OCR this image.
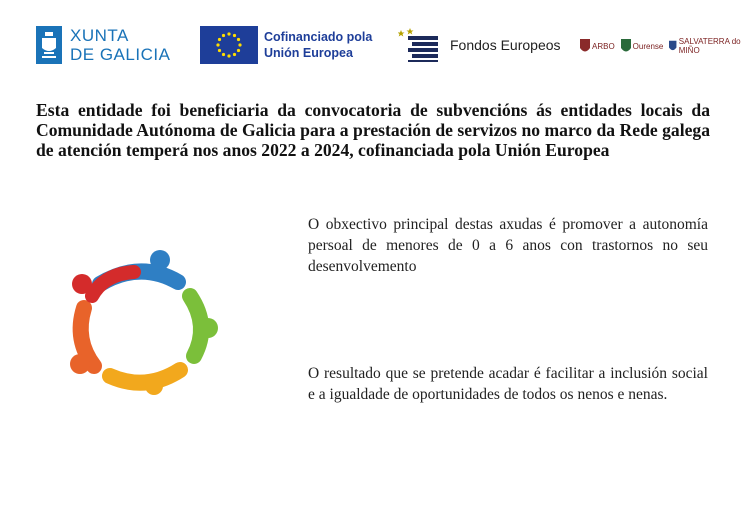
XUNTA
DE GALICIA
Cofinanciado pola
Unión Europea	Fondos Europeos	ARBO Ourense SALVATERRA do MIÑO
Esta entidade foi beneficiaria da convocatoria de subvencións ás entidades locais da Comunidade Autónoma de Galicia para a prestación de servizos no marco da Rede galega de atención temperá nos anos 2022 a 2024, cofinanciada pola Unión Europea
O obxectivo principal destas axudas é promover a autonomía persoal de menores de 0 a 6 anos con trastornos no seu desenvolvemento
O resultado que se pretende acadar é facilitar a inclusión social e a igualdade de oportunidades de todos os nenos e nenas.
